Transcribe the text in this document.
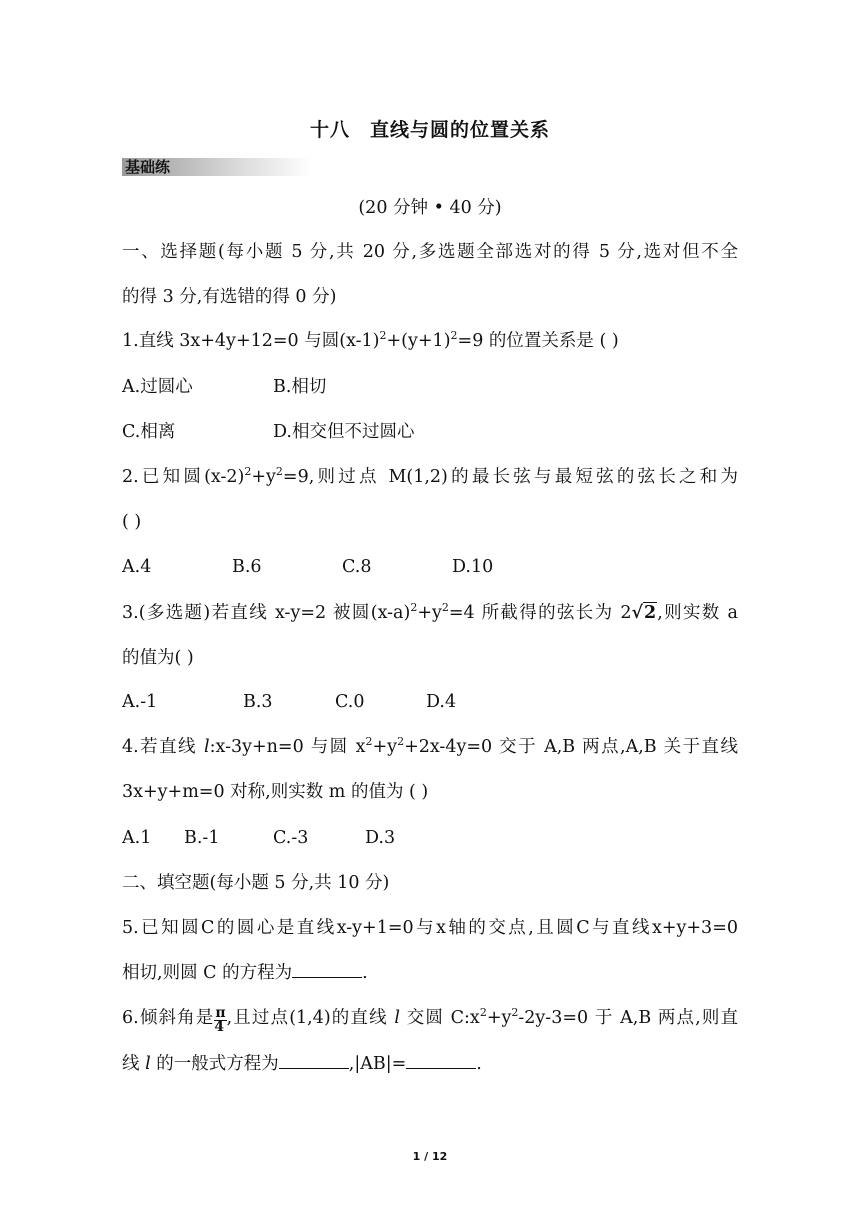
十八 直线与圆的位置关系
基础练
(20 分钟 • 40 分)
一、选择题(每小题 5 分,共 20 分,多选题全部选对的得 5 分,选对但不全
的得 3 分,有选错的得 0 分)
1.直线 3x+4y+12=0 与圆$(x-1)^2+(y+1)^2=9$ 的位置关系是 ( )
A.过圆心	B.相切
C.相离	D.相交但不过圆心
2.已知圆$(x-2)^2+y^2=9$,则过点 M(1,2)的最长弦与最短弦的弦长之和为
( )
A.4	B.6	C.8	D.10
3.(多选题)若直线 x-y=2 被圆$(x-a)^2+y^2=4$ 所截得的弦长为 2√2,则实数 a
的值为( )
A.-1	B.3	C.0	D.4
4.若直线 l:x-3y+n=0 与圆 $x^2+y^2+2x-4y=0$ 交于 A,B 两点,A,B 关于直线
3x+y+m=0 对称,则实数 m 的值为 ( )
A.1 B.-1	C.-3	D.3
二、填空题(每小题 5 分,共 10 分)
5.已知圆C的圆心是直线x-y+1=0与x轴的交点,且圆C与直线x+y+3=0
相切,则圆 C 的方程为	.
6.倾斜角是 $\frac{\pi}{4}$ ,且过点(1,4)的直线 l 交圆 $C:x^2+y^2-2y-3=0$ 于 A,B 两点,则直
线 l 的一般式方程为	,|AB|=	.
1 / 12
